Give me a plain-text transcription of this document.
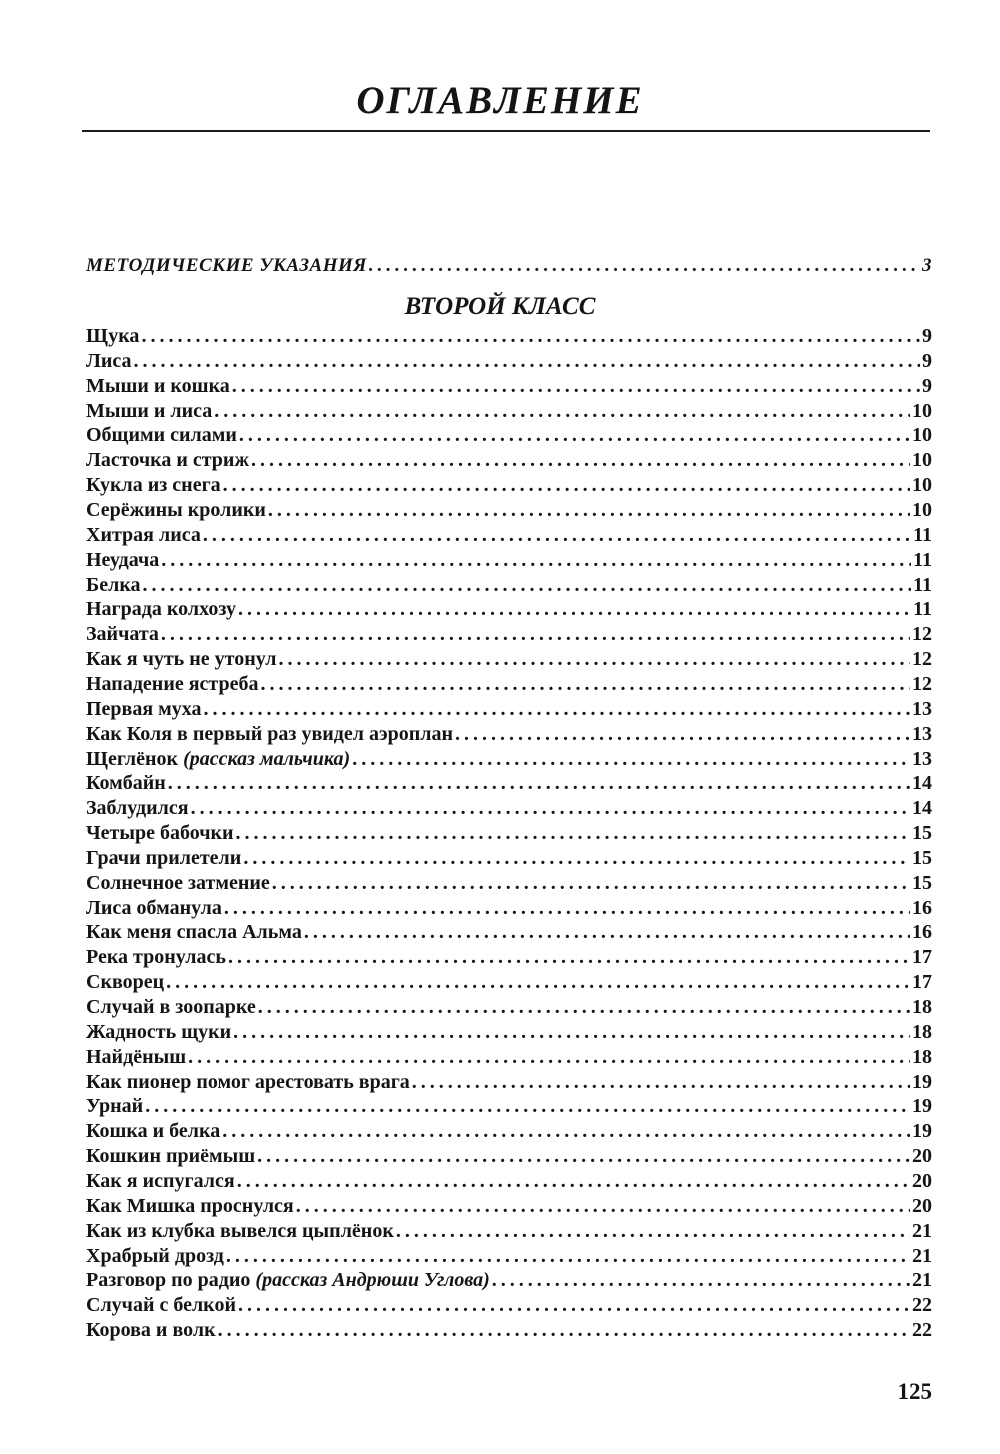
ОГЛАВЛЕНИЕ
МЕТОДИЧЕСКИЕ УКАЗАНИЯ .....	3
ВТОРОЙ КЛАСС
Щука .....	9
Лиса .....	9
Мыши и кошка .....	9
Мыши и лиса .....	10
Общими силами .....	10
Ласточка и стриж .....	10
Кукла из снега .....	10
Серёжины кролики .....	10
Хитрая лиса .....	11
Неудача .....	11
Белка .....	11
Награда колхозу .....	11
Зайчата .....	12
Как я чуть не утонул .....	12
Нападение ястреба .....	12
Первая муха .....	13
Как Коля в первый раз увидел аэроплан .....	13
Щеглёнок (рассказ мальчика) .....	13
Комбайн .....	14
Заблудился .....	14
Четыре бабочки .....	15
Грачи прилетели .....	15
Солнечное затмение .....	15
Лиса обманула .....	16
Как меня спасла Альма .....	16
Река тронулась .....	17
Скворец .....	17
Случай в зоопарке .....	18
Жадность щуки .....	18
Найдёныш .....	18
Как пионер помог арестовать врага .....	19
Урнай .....	19
Кошка и белка .....	19
Кошкин приёмыш .....	20
Как я испугался .....	20
Как Мишка проснулся .....	20
Как из клубка вывелся цыплёнок .....	21
Храбрый дрозд .....	21
Разговор по радио (рассказ Андрюши Углова) .....	21
Случай с белкой .....	22
Корова и волк .....	22
125
